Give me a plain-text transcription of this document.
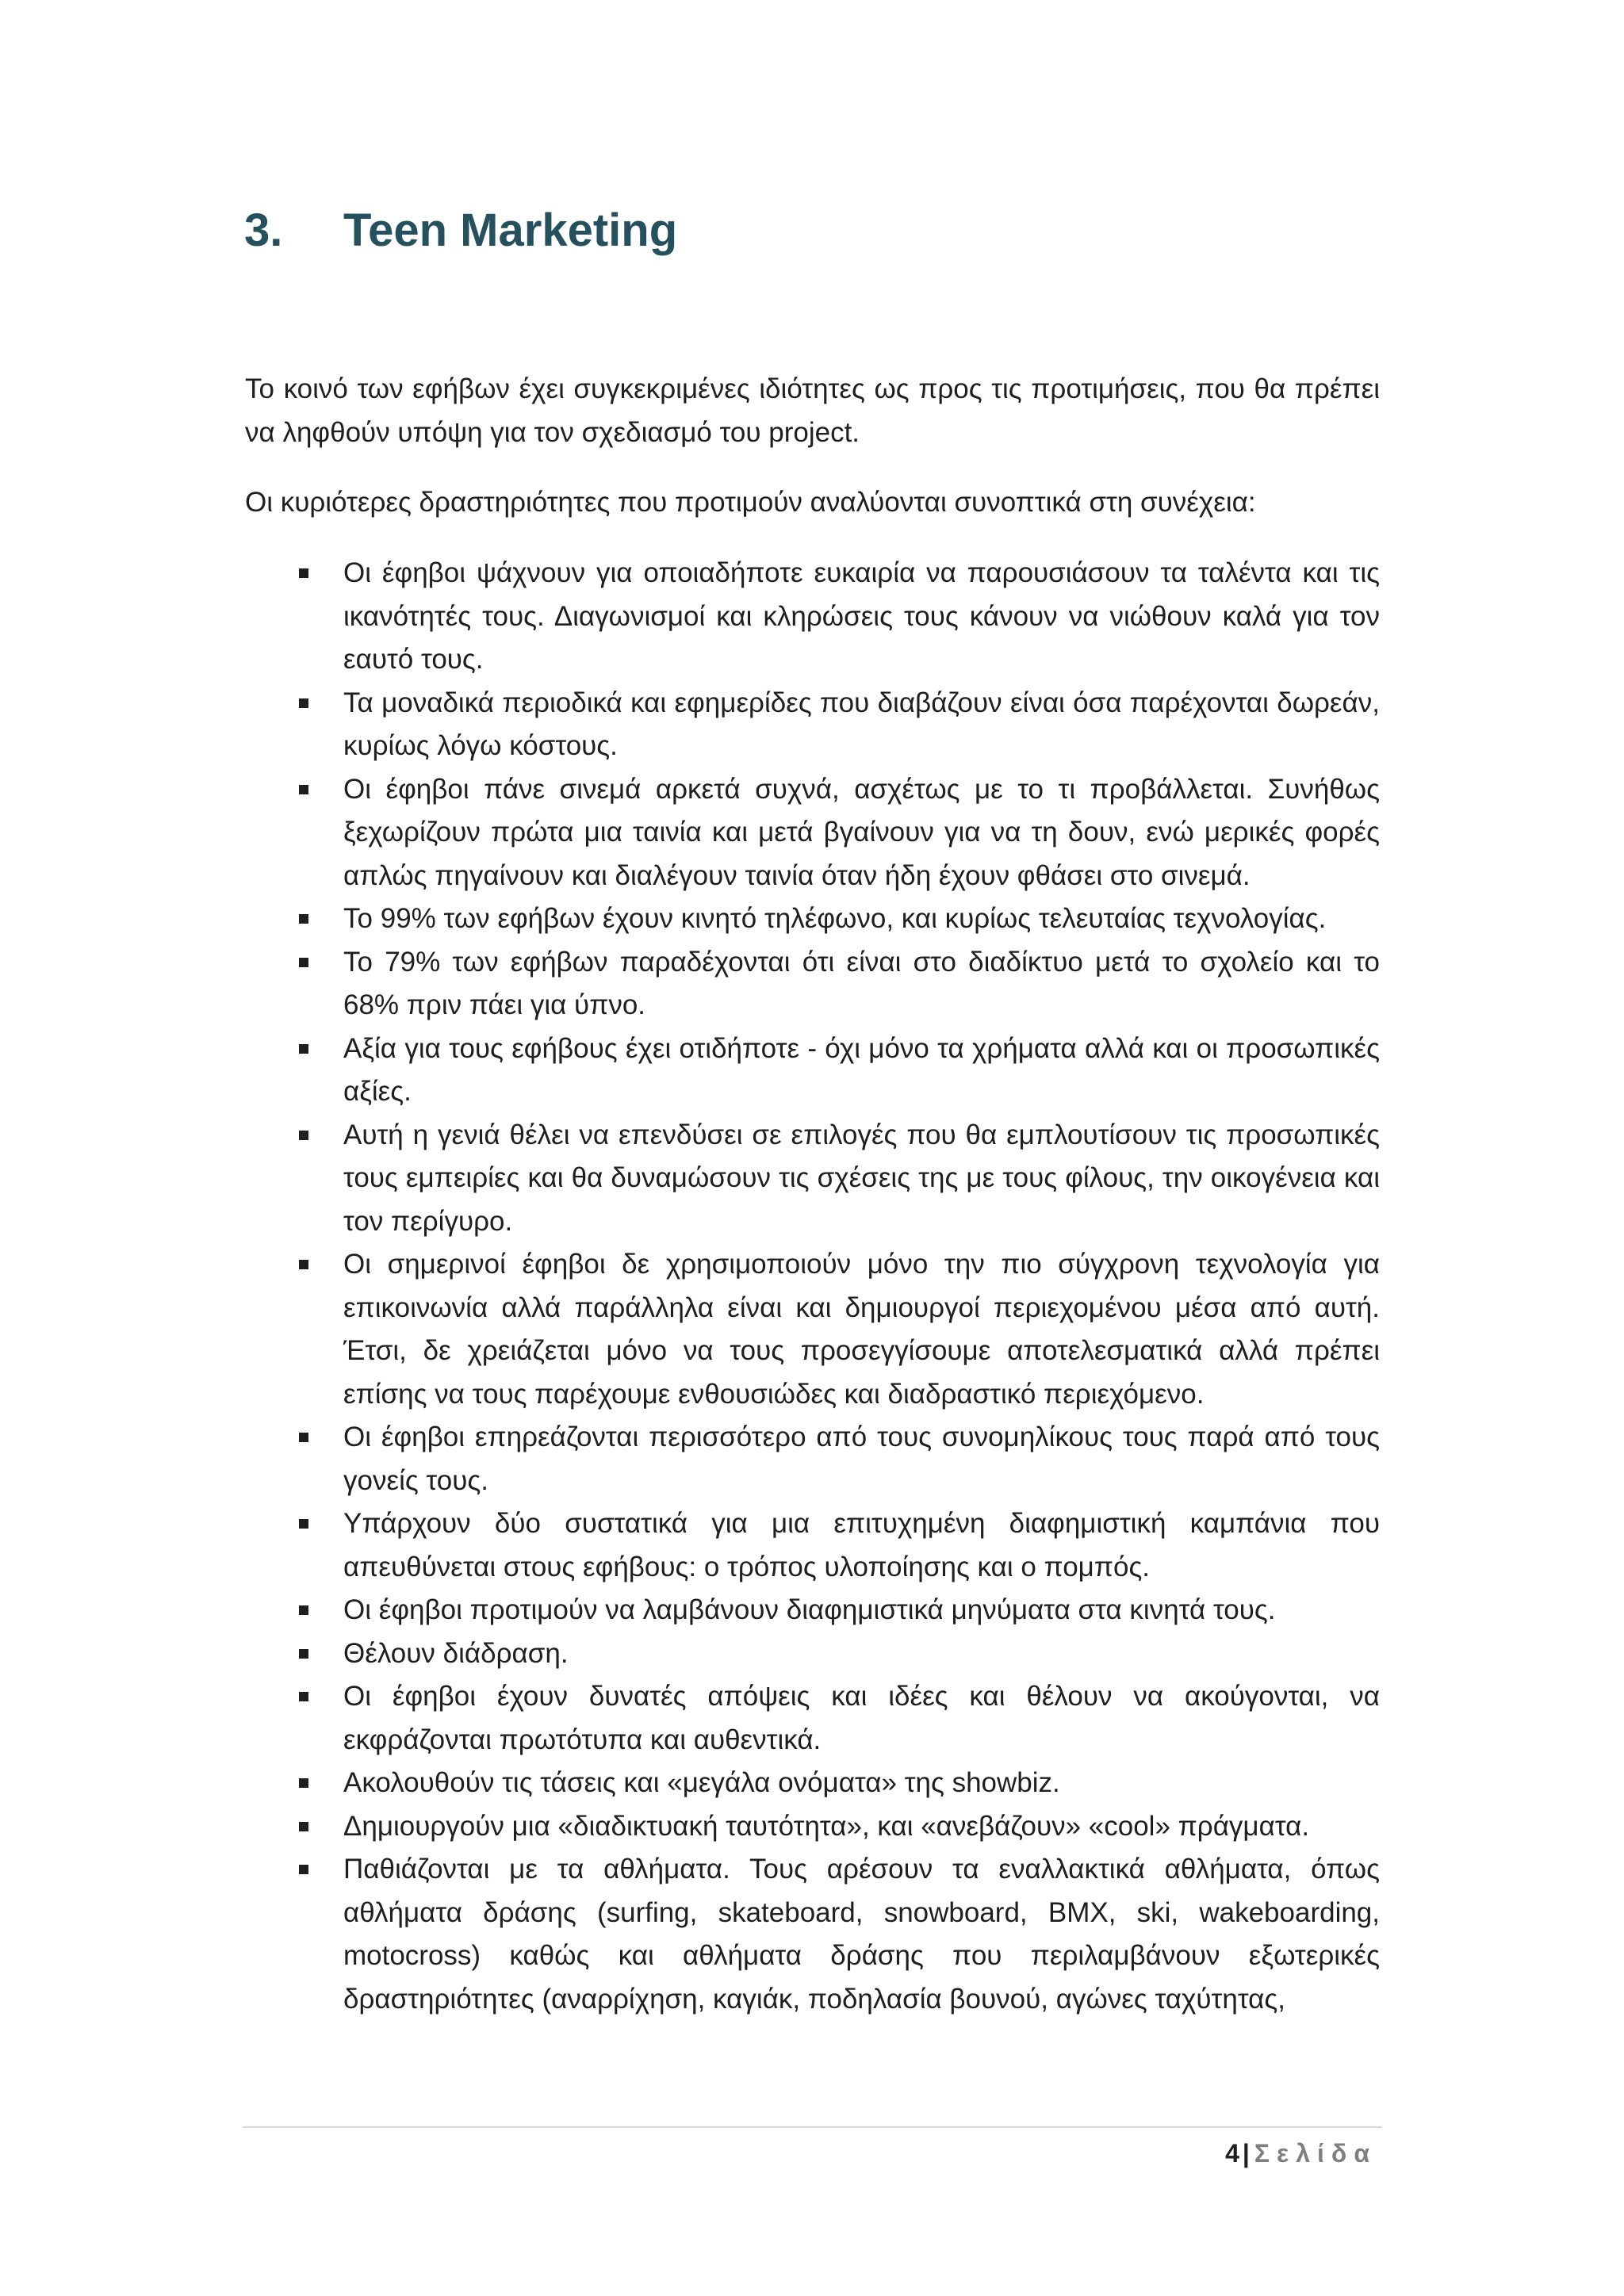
3. Teen Marketing

Το κοινό των εφήβων έχει συγκεκριμένες ιδιότητες ως προς τις προτιμήσεις, που θα πρέπει να ληφθούν υπόψη για τον σχεδιασμό του project.

Οι κυριότερες δραστηριότητες που προτιμούν αναλύονται συνοπτικά στη συνέχεια:

Οι έφηβοι ψάχνουν για οποιαδήποτε ευκαιρία να παρουσιάσουν τα ταλέντα και τις ικανότητές τους. Διαγωνισμοί και κληρώσεις τους κάνουν να νιώθουν καλά για τον εαυτό τους.
Τα μοναδικά περιοδικά και εφημερίδες που διαβάζουν είναι όσα παρέχονται δωρεάν, κυρίως λόγω κόστους.
Οι έφηβοι πάνε σινεμά αρκετά συχνά, ασχέτως με το τι προβάλλεται. Συνήθως ξεχωρίζουν πρώτα μια ταινία και μετά βγαίνουν για να τη δουν, ενώ μερικές φορές απλώς πηγαίνουν και διαλέγουν ταινία όταν ήδη έχουν φθάσει στο σινεμά.
Το 99% των εφήβων έχουν κινητό τηλέφωνο, και κυρίως τελευταίας τεχνολογίας.
Το 79% των εφήβων παραδέχονται ότι είναι στο διαδίκτυο μετά το σχολείο και το 68% πριν πάει για ύπνο.
Αξία για τους εφήβους έχει οτιδήποτε - όχι μόνο τα χρήματα αλλά και οι προσωπικές αξίες.
Αυτή η γενιά θέλει να επενδύσει σε επιλογές που θα εμπλουτίσουν τις προσωπικές τους εμπειρίες και θα δυναμώσουν τις σχέσεις της με τους φίλους, την οικογένεια και τον περίγυρο.
Οι σημερινοί έφηβοι δε χρησιμοποιούν μόνο την πιο σύγχρονη τεχνολογία για επικοινωνία αλλά παράλληλα είναι και δημιουργοί περιεχομένου μέσα από αυτή. Έτσι, δε χρειάζεται μόνο να τους προσεγγίσουμε αποτελεσματικά αλλά πρέπει επίσης να τους παρέχουμε ενθουσιώδες και διαδραστικό περιεχόμενο.
Οι έφηβοι επηρεάζονται περισσότερο από τους συνομηλίκους τους παρά από τους γονείς τους.
Υπάρχουν δύο συστατικά για μια επιτυχημένη διαφημιστική καμπάνια που απευθύνεται στους εφήβους: ο τρόπος υλοποίησης και ο πομπός.
Οι έφηβοι προτιμούν να λαμβάνουν διαφημιστικά μηνύματα στα κινητά τους.
Θέλουν διάδραση.
Οι έφηβοι έχουν δυνατές απόψεις και ιδέες και θέλουν να ακούγονται, να εκφράζονται πρωτότυπα και αυθεντικά.
Ακολουθούν τις τάσεις και «μεγάλα ονόματα» της showbiz.
Δημιουργούν μια «διαδικτυακή ταυτότητα», και «ανεβάζουν» «cool» πράγματα.
Παθιάζονται με τα αθλήματα. Τους αρέσουν τα εναλλακτικά αθλήματα, όπως αθλήματα δράσης (surfing, skateboard, snowboard, BMX, ski, wakeboarding, motocross) καθώς και αθλήματα δράσης που περιλαμβάνουν εξωτερικές δραστηριότητες (αναρρίχηση, καγιάκ, ποδηλασία βουνού, αγώνες ταχύτητας,
4 | Σελίδα
